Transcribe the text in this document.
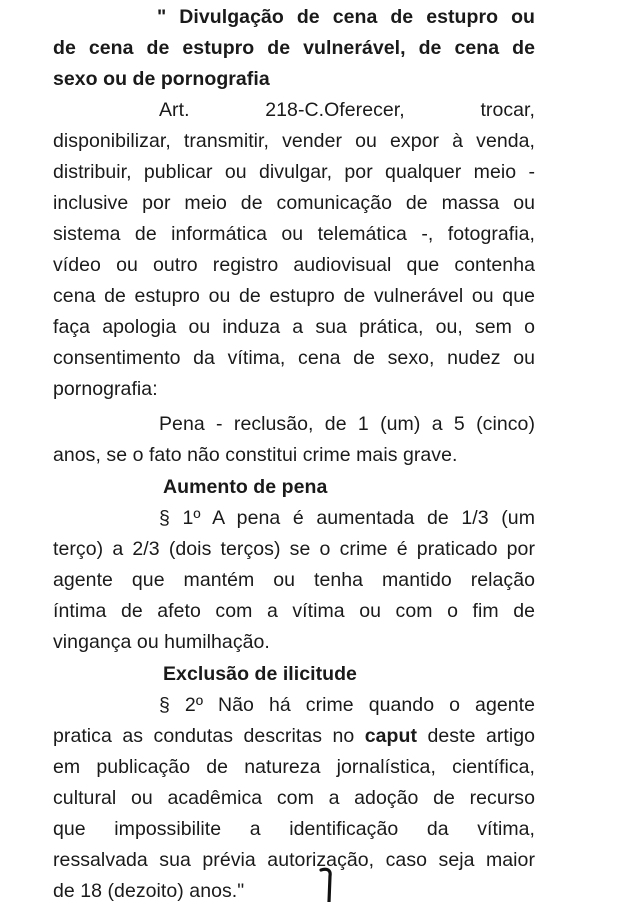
" Divulgação de cena de estupro ou
de cena de estupro de vulnerável, de cena de
sexo ou de pornografia
Art. 218-C.Oferecer, trocar,
disponibilizar, transmitir, vender ou expor à venda,
distribuir, publicar ou divulgar, por qualquer meio -
inclusive por meio de comunicação de massa ou
sistema de informática ou telemática -, fotografia,
vídeo ou outro registro audiovisual que contenha
cena de estupro ou de estupro de vulnerável ou que
faça apologia ou induza a sua prática, ou, sem o
consentimento da vítima, cena de sexo, nudez ou
pornografia:
Pena - reclusão, de 1 (um) a 5 (cinco)
anos, se o fato não constitui crime mais grave.
Aumento de pena
§ 1º A pena é aumentada de 1/3 (um
terço) a 2/3 (dois terços) se o crime é praticado por
agente que mantém ou tenha mantido relação
íntima de afeto com a vítima ou com o fim de
vingança ou humilhação.
Exclusão de ilicitude
§ 2º Não há crime quando o agente
pratica as condutas descritas no caput deste artigo
em publicação de natureza jornalística, científica,
cultural ou acadêmica com a adoção de recurso
que impossibilite a identificação da vítima,
ressalvada sua prévia autorização, caso seja maior
de 18 (dezoito) anos."
